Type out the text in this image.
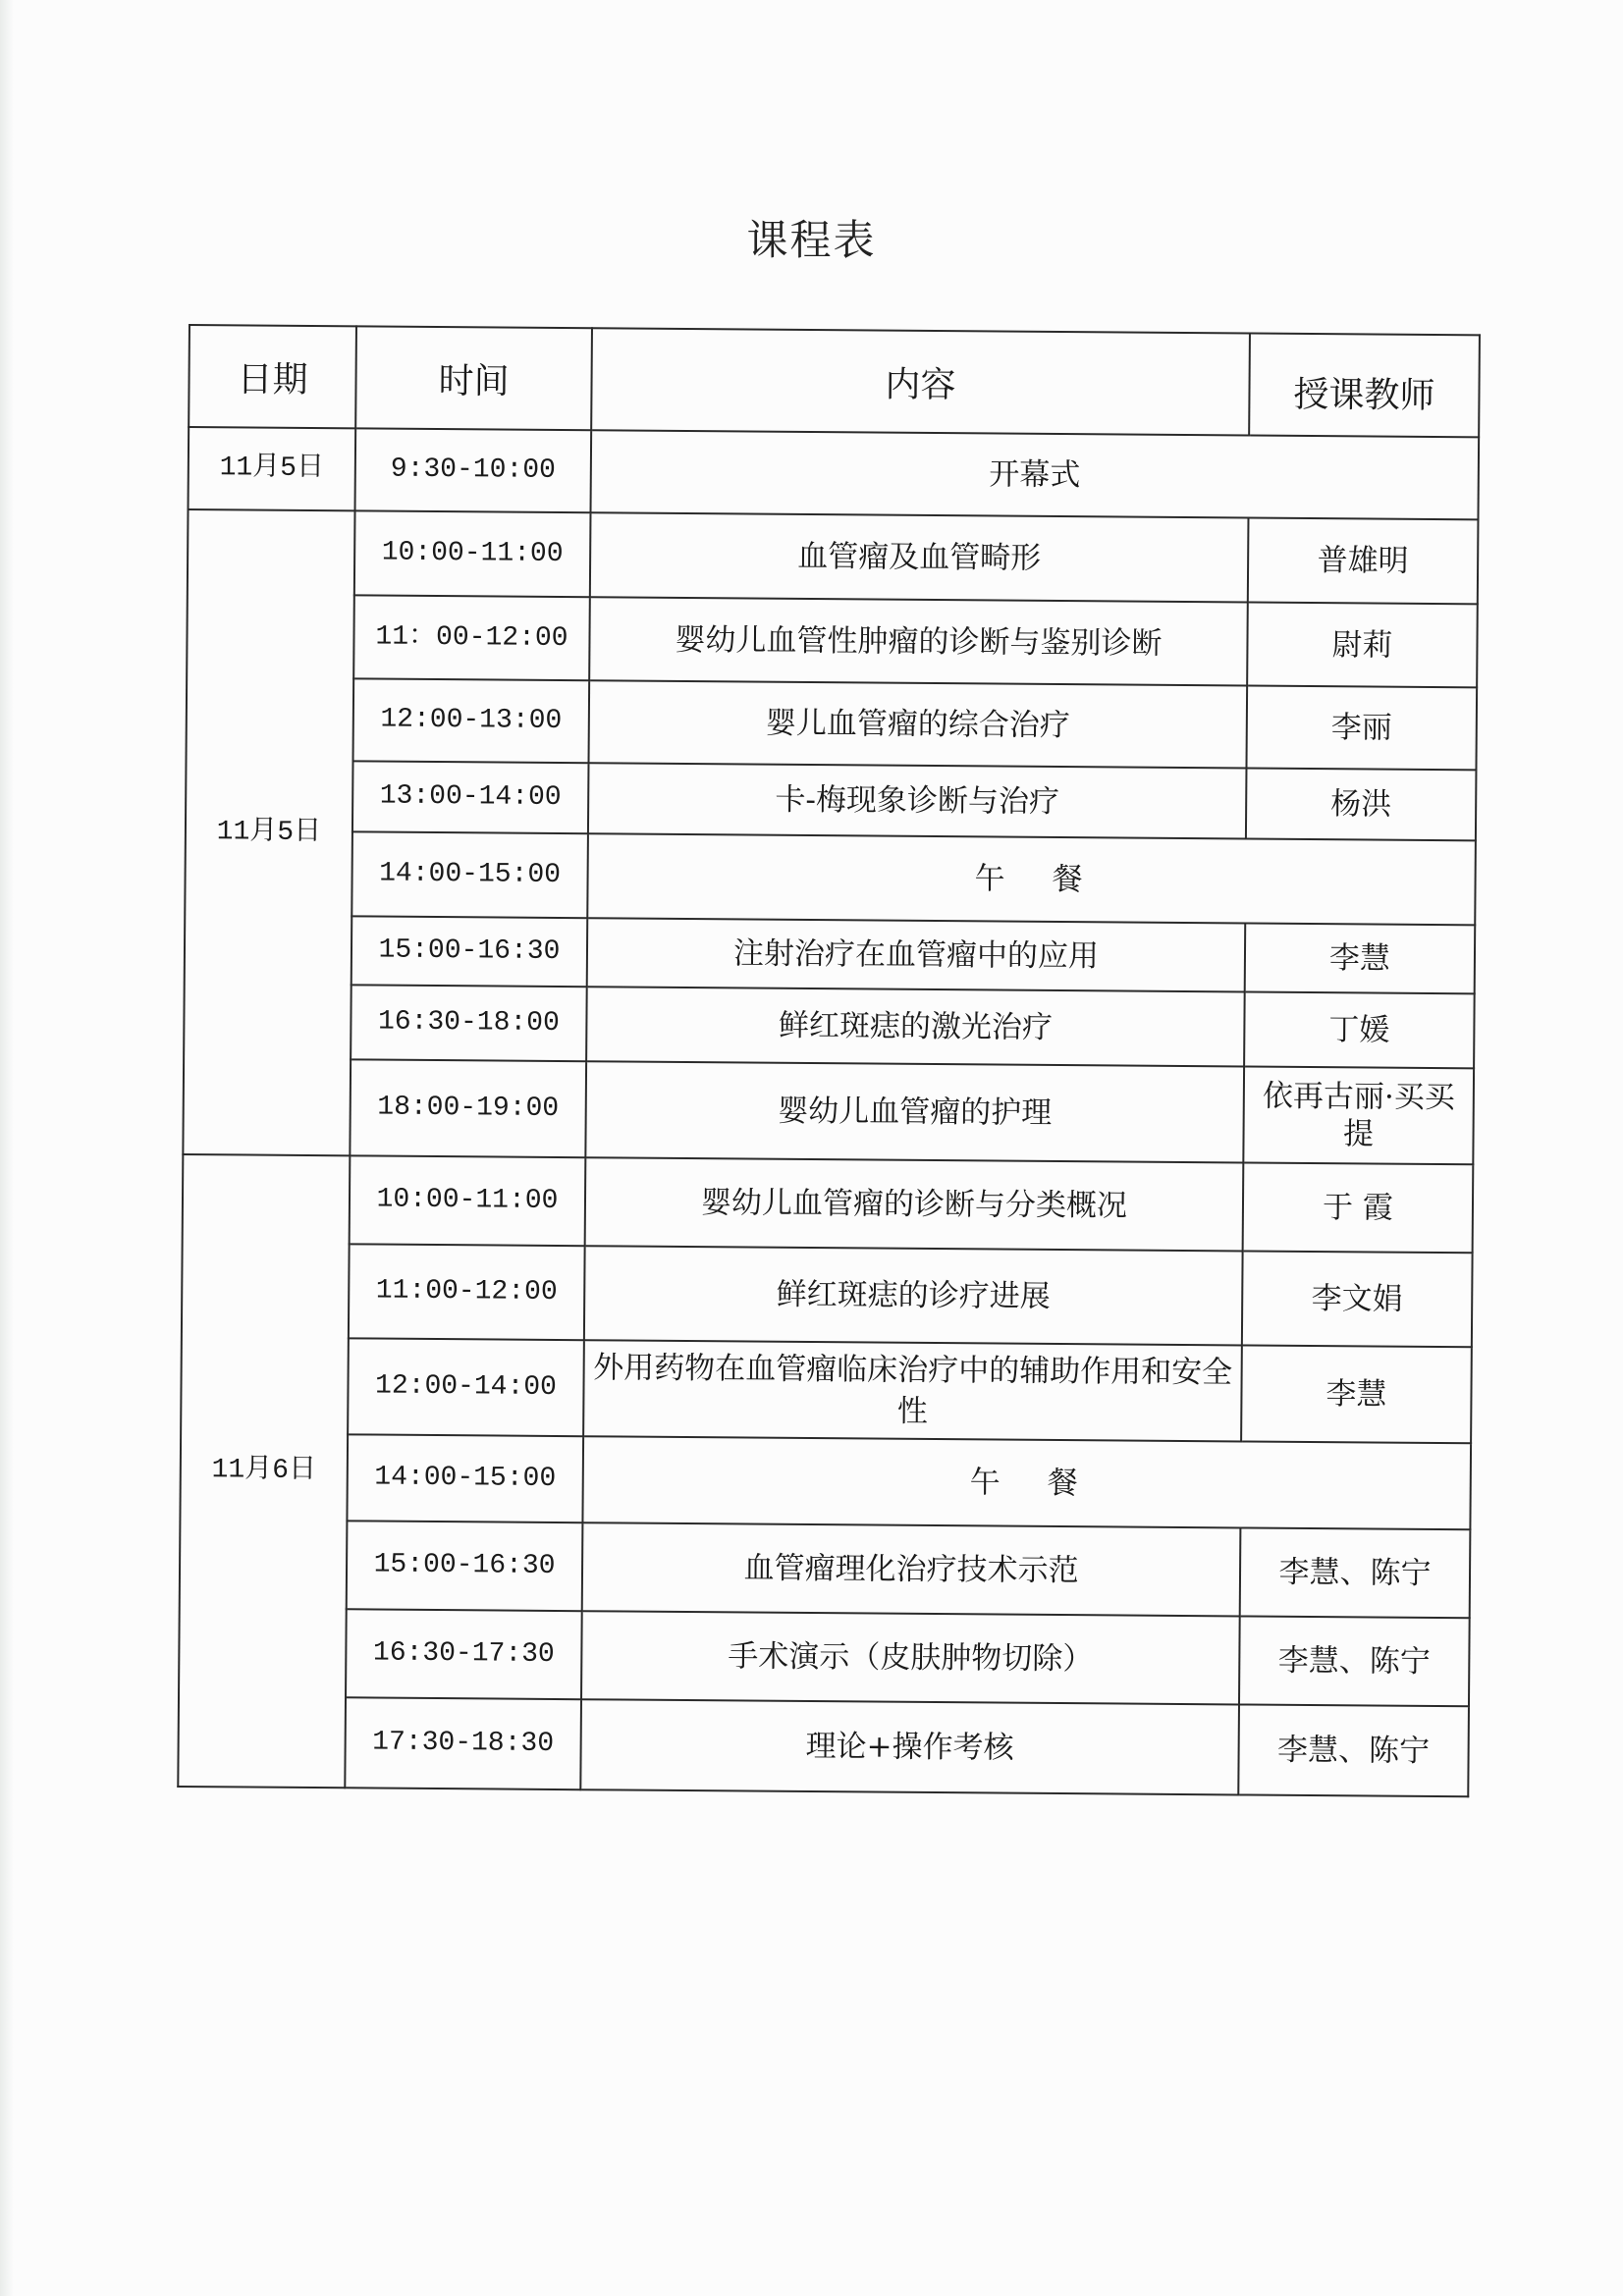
课程表
日期	时间	内容	授课教师
11月5日	9:30-10:00	开幕式	
11月5日	10:00-11:00	血管瘤及血管畸形	普雄明
	11：00-12:00	婴幼儿血管性肿瘤的诊断与鉴别诊断	尉莉
	12:00-13:00	婴儿血管瘤的综合治疗	李丽
	13:00-14:00	卡-梅现象诊断与治疗	杨洪
	14:00-15:00	午餐	
	15:00-16:30	注射治疗在血管瘤中的应用	李慧
	16:30-18:00	鲜红斑痣的激光治疗	丁媛
	18:00-19:00	婴幼儿血管瘤的护理	依再古丽·买买提
11月6日	10:00-11:00	婴幼儿血管瘤的诊断与分类概况	于 霞
	11:00-12:00	鲜红斑痣的诊疗进展	李文娟
	12:00-14:00	外用药物在血管瘤临床治疗中的辅助作用和安全性	李慧
	14:00-15:00	午餐	
	15:00-16:30	血管瘤理化治疗技术示范	李慧、陈宁
	16:30-17:30	手术演示（皮肤肿物切除）	李慧、陈宁
	17:30-18:30	理论+操作考核	李慧、陈宁
